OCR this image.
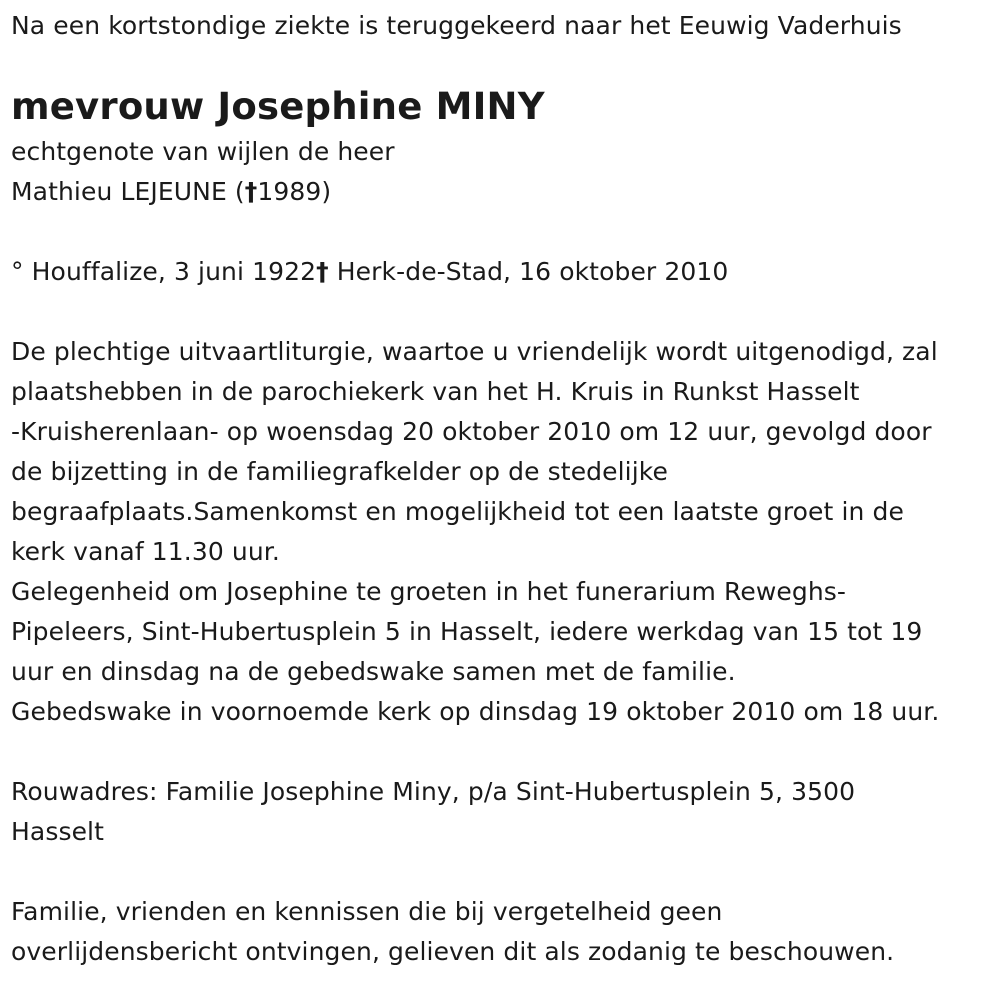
Na een kortstondige ziekte is teruggekeerd naar het Eeuwig Vaderhuis
mevrouw Josephine MINY
echtgenote van wijlen de heer
Mathieu LEJEUNE (†1989)
° Houffalize, 3 juni 1922† Herk-de-Stad, 16 oktober 2010
De plechtige uitvaartliturgie, waartoe u vriendelijk wordt uitgenodigd, zal
plaatshebben in de parochiekerk van het H. Kruis in Runkst Hasselt
-Kruisherenlaan- op woensdag 20 oktober 2010 om 12 uur, gevolgd door
de bijzetting in de familiegrafkelder op de stedelijke
begraafplaats.Samenkomst en mogelijkheid tot een laatste groet in de
kerk vanaf 11.30 uur.
Gelegenheid om Josephine te groeten in het funerarium Reweghs-
Pipeleers, Sint-Hubertusplein 5 in Hasselt, iedere werkdag van 15 tot 19
uur en dinsdag na de gebedswake samen met de familie.
Gebedswake in voornoemde kerk op dinsdag 19 oktober 2010 om 18 uur.
Rouwadres: Familie Josephine Miny, p/a Sint-Hubertusplein 5, 3500
Hasselt
Familie, vrienden en kennissen die bij vergetelheid geen
overlijdensbericht ontvingen, gelieven dit als zodanig te beschouwen.
